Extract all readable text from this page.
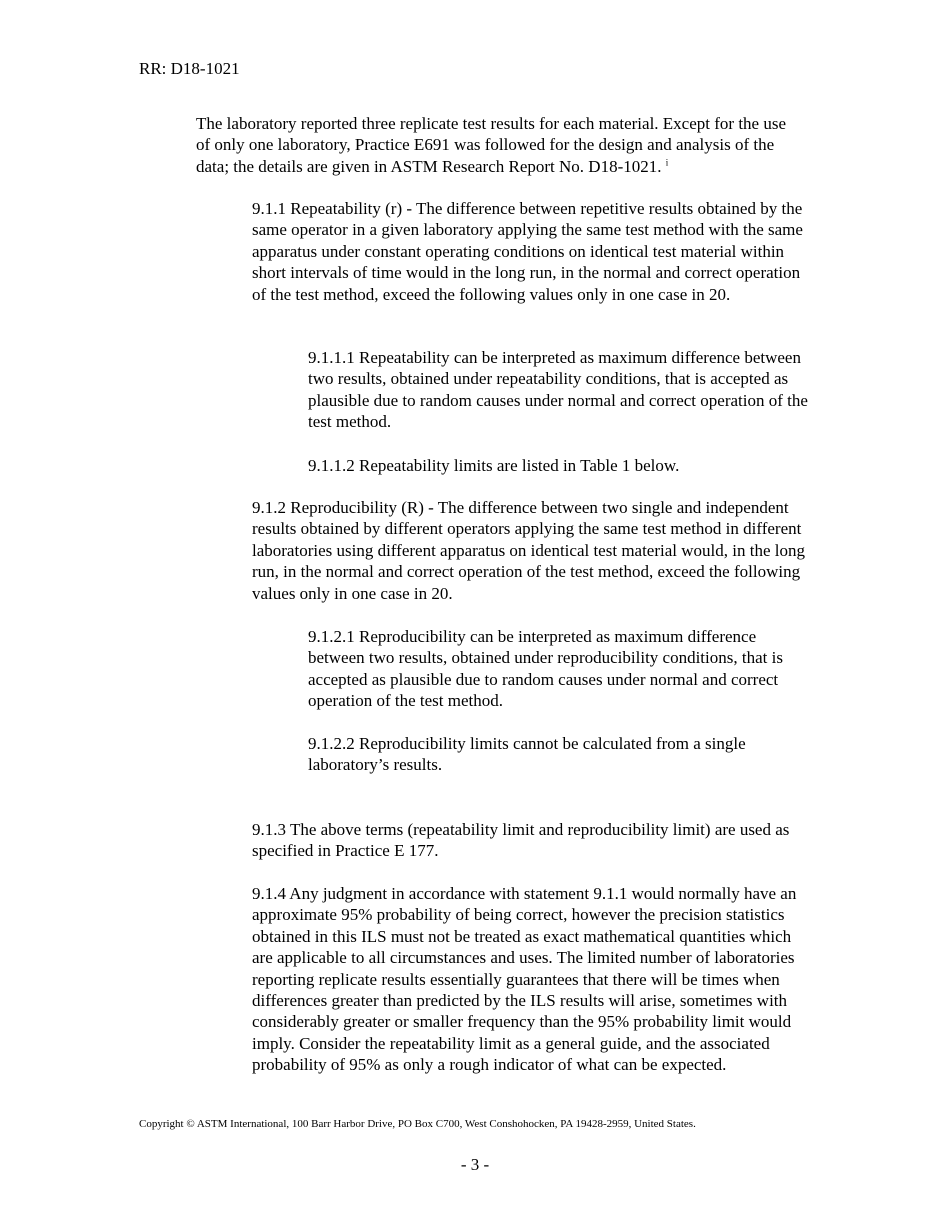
RR: D18-1021

The laboratory reported three replicate test results for each material. Except for the use of only one laboratory, Practice E691 was followed for the design and analysis of the data; the details are given in ASTM Research Report No. D18-1021. $^i$

9.1.1 Repeatability (r) - The difference between repetitive results obtained by the same operator in a given laboratory applying the same test method with the same apparatus under constant operating conditions on identical test material within short intervals of time would in the long run, in the normal and correct operation of the test method, exceed the following values only in one case in 20.

9.1.1.1 Repeatability can be interpreted as maximum difference between two results, obtained under repeatability conditions, that is accepted as plausible due to random causes under normal and correct operation of the test method.

9.1.1.2 Repeatability limits are listed in Table 1 below.

9.1.2 Reproducibility (R) - The difference between two single and independent results obtained by different operators applying the same test method in different laboratories using different apparatus on identical test material would, in the long run, in the normal and correct operation of the test method, exceed the following values only in one case in 20.

9.1.2.1 Reproducibility can be interpreted as maximum difference between two results, obtained under reproducibility conditions, that is accepted as plausible due to random causes under normal and correct operation of the test method.

9.1.2.2 Reproducibility limits cannot be calculated from a single laboratory’s results.

9.1.3 The above terms (repeatability limit and reproducibility limit) are used as specified in Practice E 177.

9.1.4 Any judgment in accordance with statement 9.1.1 would normally have an approximate 95% probability of being correct, however the precision statistics obtained in this ILS must not be treated as exact mathematical quantities which are applicable to all circumstances and uses. The limited number of laboratories reporting replicate results essentially guarantees that there will be times when differences greater than predicted by the ILS results will arise, sometimes with considerably greater or smaller frequency than the 95% probability limit would imply. Consider the repeatability limit as a general guide, and the associated probability of 95% as only a rough indicator of what can be expected.

Copyright © ASTM International, 100 Barr Harbor Drive, PO Box C700, West Conshohocken, PA 19428-2959, United States.
- 3 -
